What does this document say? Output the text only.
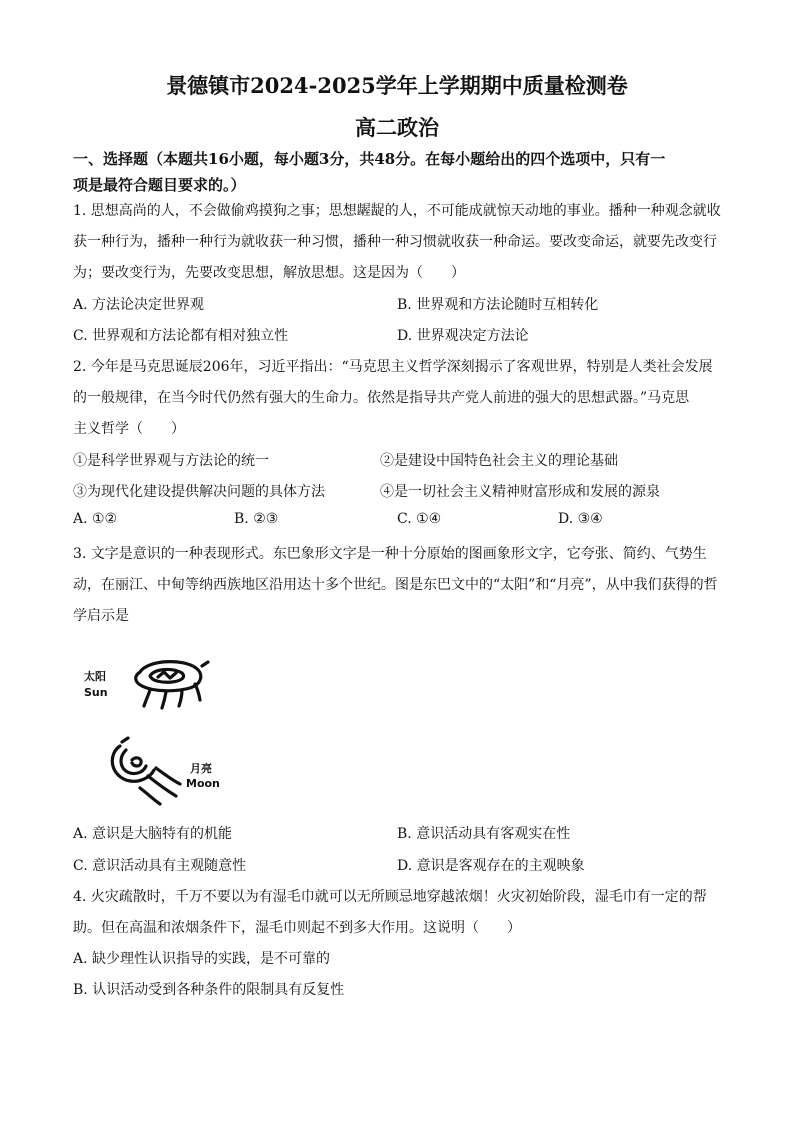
景德镇市2024-2025学年上学期期中质量检测卷
高二政治
一、选择题（本题共16小题，每小题3分，共48分。在每小题给出的四个选项中，只有一
项是最符合题目要求的。）
1. 思想高尚的人，不会做偷鸡摸狗之事；思想龌龊的人，不可能成就惊天动地的事业。播种一种观念就收
获一种行为，播种一种行为就收获一种习惯，播种一种习惯就收获一种命运。要改变命运，就要先改变行
为；要改变行为，先要改变思想，解放思想。这是因为（　　）
A. 方法论决定世界观	B. 世界观和方法论随时互相转化
C. 世界观和方法论都有相对独立性	D. 世界观决定方法论
2. 今年是马克思诞辰206年，习近平指出：“马克思主义哲学深刻揭示了客观世界，特别是人类社会发展
的一般规律，在当今时代仍然有强大的生命力。依然是指导共产党人前进的强大的思想武器。”马克思
主义哲学（　　）
①是科学世界观与方法论的统一	②是建设中国特色社会主义的理论基础
③为现代化建设提供解决问题的具体方法	④是一切社会主义精神财富形成和发展的源泉
A. ①②	B. ②③	C. ①④	D. ③④
3. 文字是意识的一种表现形式。东巴象形文字是一种十分原始的图画象形文字，它夸张、简约、气势生
动，在丽江、中甸等纳西族地区沿用达十多个世纪。图是东巴文中的“太阳”和“月亮”，从中我们获得的哲
学启示是
太阳
Sun
月亮
Moon
A. 意识是大脑特有的机能	B. 意识活动具有客观实在性
C. 意识活动具有主观随意性	D. 意识是客观存在的主观映象
4. 火灾疏散时，千万不要以为有湿毛巾就可以无所顾忌地穿越浓烟！火灾初始阶段，湿毛巾有一定的帮
助。但在高温和浓烟条件下，湿毛巾则起不到多大作用。这说明（　　）
A. 缺少理性认识指导的实践，是不可靠的
B. 认识活动受到各种条件的限制具有反复性
